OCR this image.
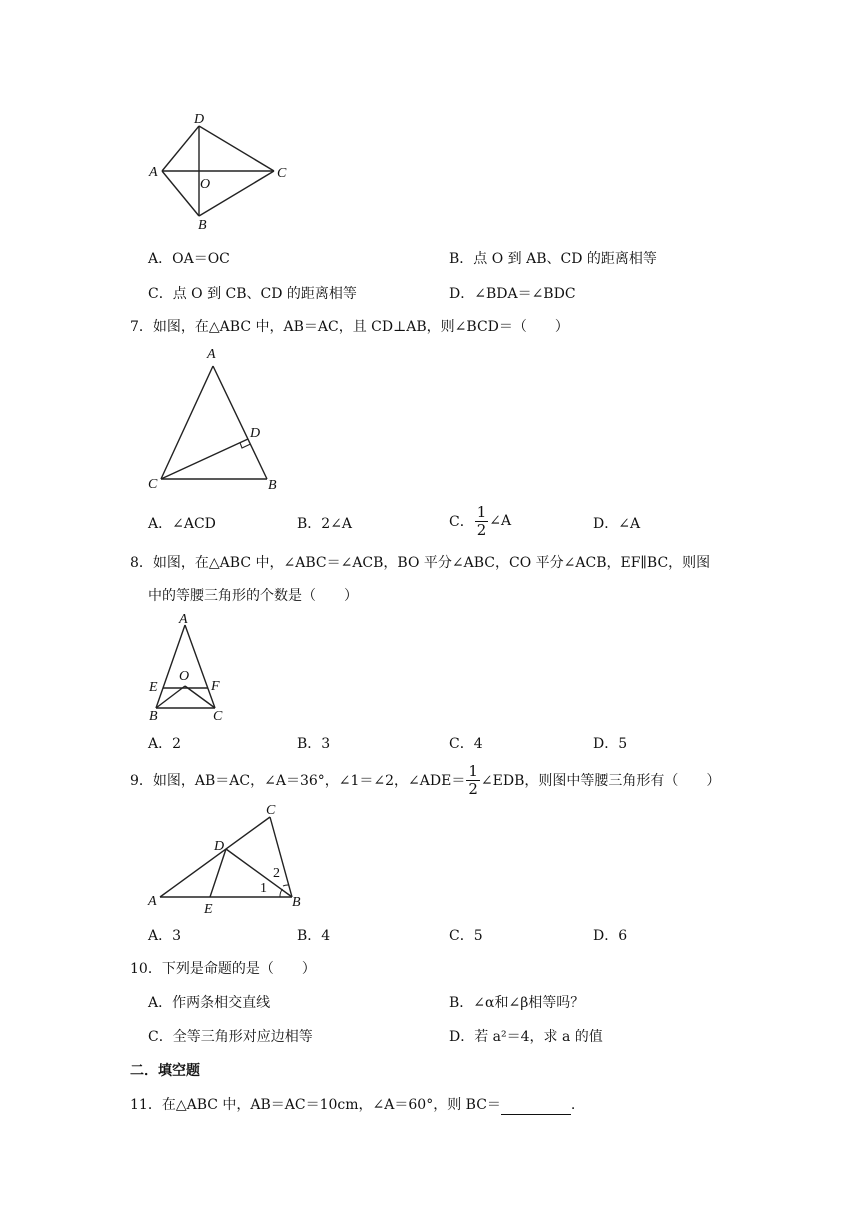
D
A
O
C
B
A．OA＝OC	B．点 O 到 AB、CD 的距离相等
C．点 O 到 CB、CD 的距离相等	D．∠BDA＝∠BDC
7．如图，在△ABC 中，AB＝AC，且 CD⊥AB，则∠BCD＝（　　）
A
D
C	B
A．∠ACD	B．2∠A	C． $\frac{1}{2}$ ∠A	D．∠A
8．如图，在△ABC 中，∠ABC＝∠ACB，BO 平分∠ABC，CO 平分∠ACB，EF∥BC，则图
中的等腰三角形的个数是（　　）
A
O
E	F
B	C
A．2	B．3	C．4	D．5
9．如图，AB＝AC，∠A＝36°，∠1＝∠2，∠ADE＝ $\frac{1}{2}$ ∠EDB，则图中等腰三角形有（　　）
C
D
A
E	B
1
2
A．3	B．4	C．5	D．6
10．下列是命题的是（　　）
A．作两条相交直线	B．∠α和∠β相等吗？
C．全等三角形对应边相等	D．若 a²＝4，求 a 的值
二．填空题
11．在△ABC 中，AB＝AC＝10cm，∠A＝60°，则 BC＝　　　　　	.
